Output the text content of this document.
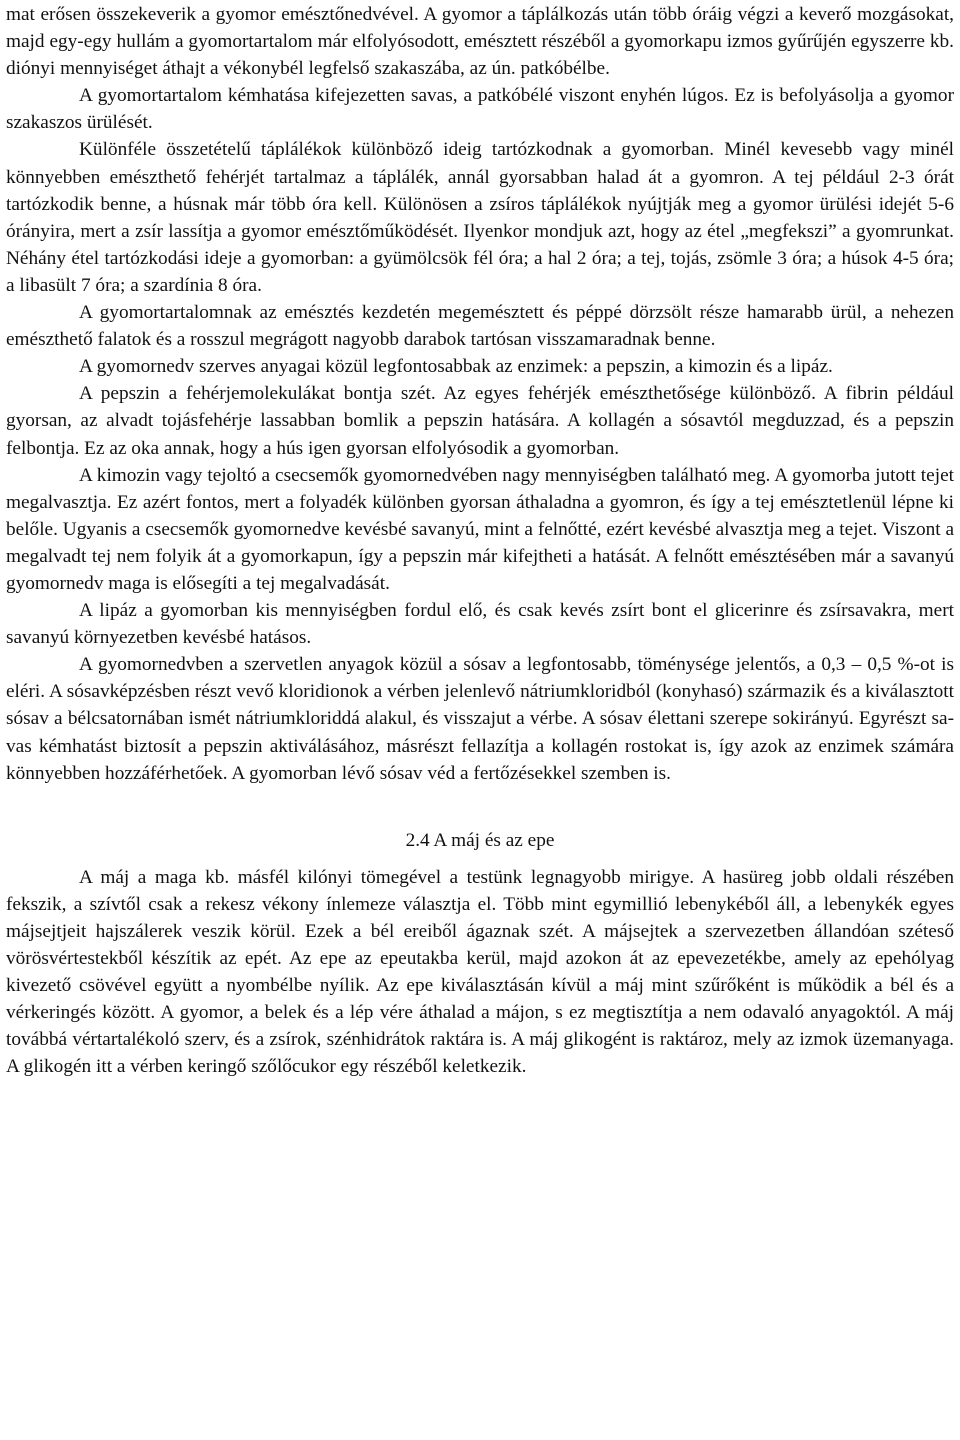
mat erősen összekeverik a gyomor emésztőnedvével. A gyomor a táplálkozás után több óráig végzi a keverő mozgásokat, majd egy-egy hullám a gyomortartalom már elfolyósodott, emésztett részéből a gyomorkapu izmos gyűrűjén egyszerre kb. diónyi mennyiséget áthajt a vékonybél legfelső szakaszába, az ún. patkóbélbe.

A gyomortartalom kémhatása kifejezetten savas, a patkóbélé viszont enyhén lúgos. Ez is befolyásolja a gyomor szakaszos ürülését.

Különféle összetételű táplálékok különböző ideig tartózkodnak a gyomorban. Minél kevesebb vagy minél könnyebben emészthető fehérjét tartalmaz a táplálék, annál gyorsabban halad át a gyomron. A tej például 2-3 órát tartózkodik benne, a húsnak már több óra kell. Különösen a zsíros táplálékok nyújtják meg a gyomor ürülési idejét 5-6 órányira, mert a zsír lassítja a gyomor emésztőműködését. Ilyenkor mondjuk azt, hogy az étel „megfekszi” a gyomrunkat. Néhány étel tartózkodási ideje a gyomorban: a gyümölcsök fél óra; a hal 2 óra; a tej, tojás, zsömle 3 óra; a húsok 4-5 óra; a libasült 7 óra; a szardínia 8 óra.

A gyomortartalomnak az emésztés kezdetén megemésztett és péppé dörzsölt része hamarabb ürül, a nehezen emészthető falatok és a rosszul megrágott nagyobb darabok tartósan visszamaradnak benne.

A gyomornedv szerves anyagai közül legfontosabbak az enzimek: a pepszin, a kimozin és a lipáz.

A pepszin a fehérjemolekulákat bontja szét. Az egyes fehérjék emészthetősége különböző. A fibrin például gyorsan, az alvadt tojásfehérje lassabban bomlik a pepszin hatására. A kollagén a sósavtól megduzzad, és a pepszin felbontja. Ez az oka annak, hogy a hús igen gyorsan elfolyósodik a gyomorban.

A kimozin vagy tejoltó a csecsemők gyomornedvében nagy mennyiségben található meg. A gyomorba jutott tejet megalvasztja. Ez azért fontos, mert a folyadék különben gyorsan áthaladna a gyomron, és így a tej emésztetlenül lépne ki belőle. Ugyanis a csecsemők gyomornedve kevésbé savanyú, mint a felnőtté, ezért kevésbé alvasztja meg a tejet. Viszont a megalvadt tej nem folyik át a gyomorkapun, így a pepszin már kifejtheti a hatását. A felnőtt emésztésében már a savanyú gyomornedv maga is elősegíti a tej megalvadását.

A lipáz a gyomorban kis mennyiségben fordul elő, és csak kevés zsírt bont el glicerinre és zsírsavakra, mert savanyú környezetben kevésbé hatásos.

A gyomornedvben a szervetlen anyagok közül a sósav a legfontosabb, töménysége jelentős, a 0,3 – 0,5 %-ot is eléri. A sósavképzésben részt vevő kloridionok a vérben jelenlevő nátriumkloridból (konyhasó) származik és a kiválasztott sósav a bélcsatornában ismét nátriumkloriddá alakul, és visszajut a vérbe. A sósav élettani szerepe sokirányú. Egyrészt savas kémhatást biztosít a pepszin aktiválásához, másrészt fellazítja a kollagén rostokat is, így azok az enzimek számára könnyebben hozzáférhetőek. A gyomorban lévő sósav véd a fertőzésekkel szemben is.

2.4 A máj és az epe

A máj a maga kb. másfél kilónyi tömegével a testünk legnagyobb mirigye. A hasüreg jobb oldali részében fekszik, a szívtől csak a rekesz vékony ínlemeze választja el. Több mint egymillió lebenykéből áll, a lebenykék egyes májsejtjeit hajszálerek veszik körül. Ezek a bél ereiből ágaznak szét. A májsejtek a szervezetben állandóan széteső vörösvértestekből készítik az epét. Az epe az epeutakba kerül, majd azokon át az epevezetékbe, amely az epehólyag kivezető csövével együtt a nyombélbe nyílik. Az epe kiválasztásán kívül a máj mint szűrőként is működik a bél és a vérkeringés között. A gyomor, a belek és a lép vére áthalad a májon, s ez megtisztítja a nem odavaló anyagoktól. A máj továbbá vértartalékoló szerv, és a zsírok, szénhidrátok raktára is. A máj glikogént is raktároz, mely az izmok üzemanyaga. A glikogén itt a vérben keringő szőlőcukor egy részéből keletkezik.
